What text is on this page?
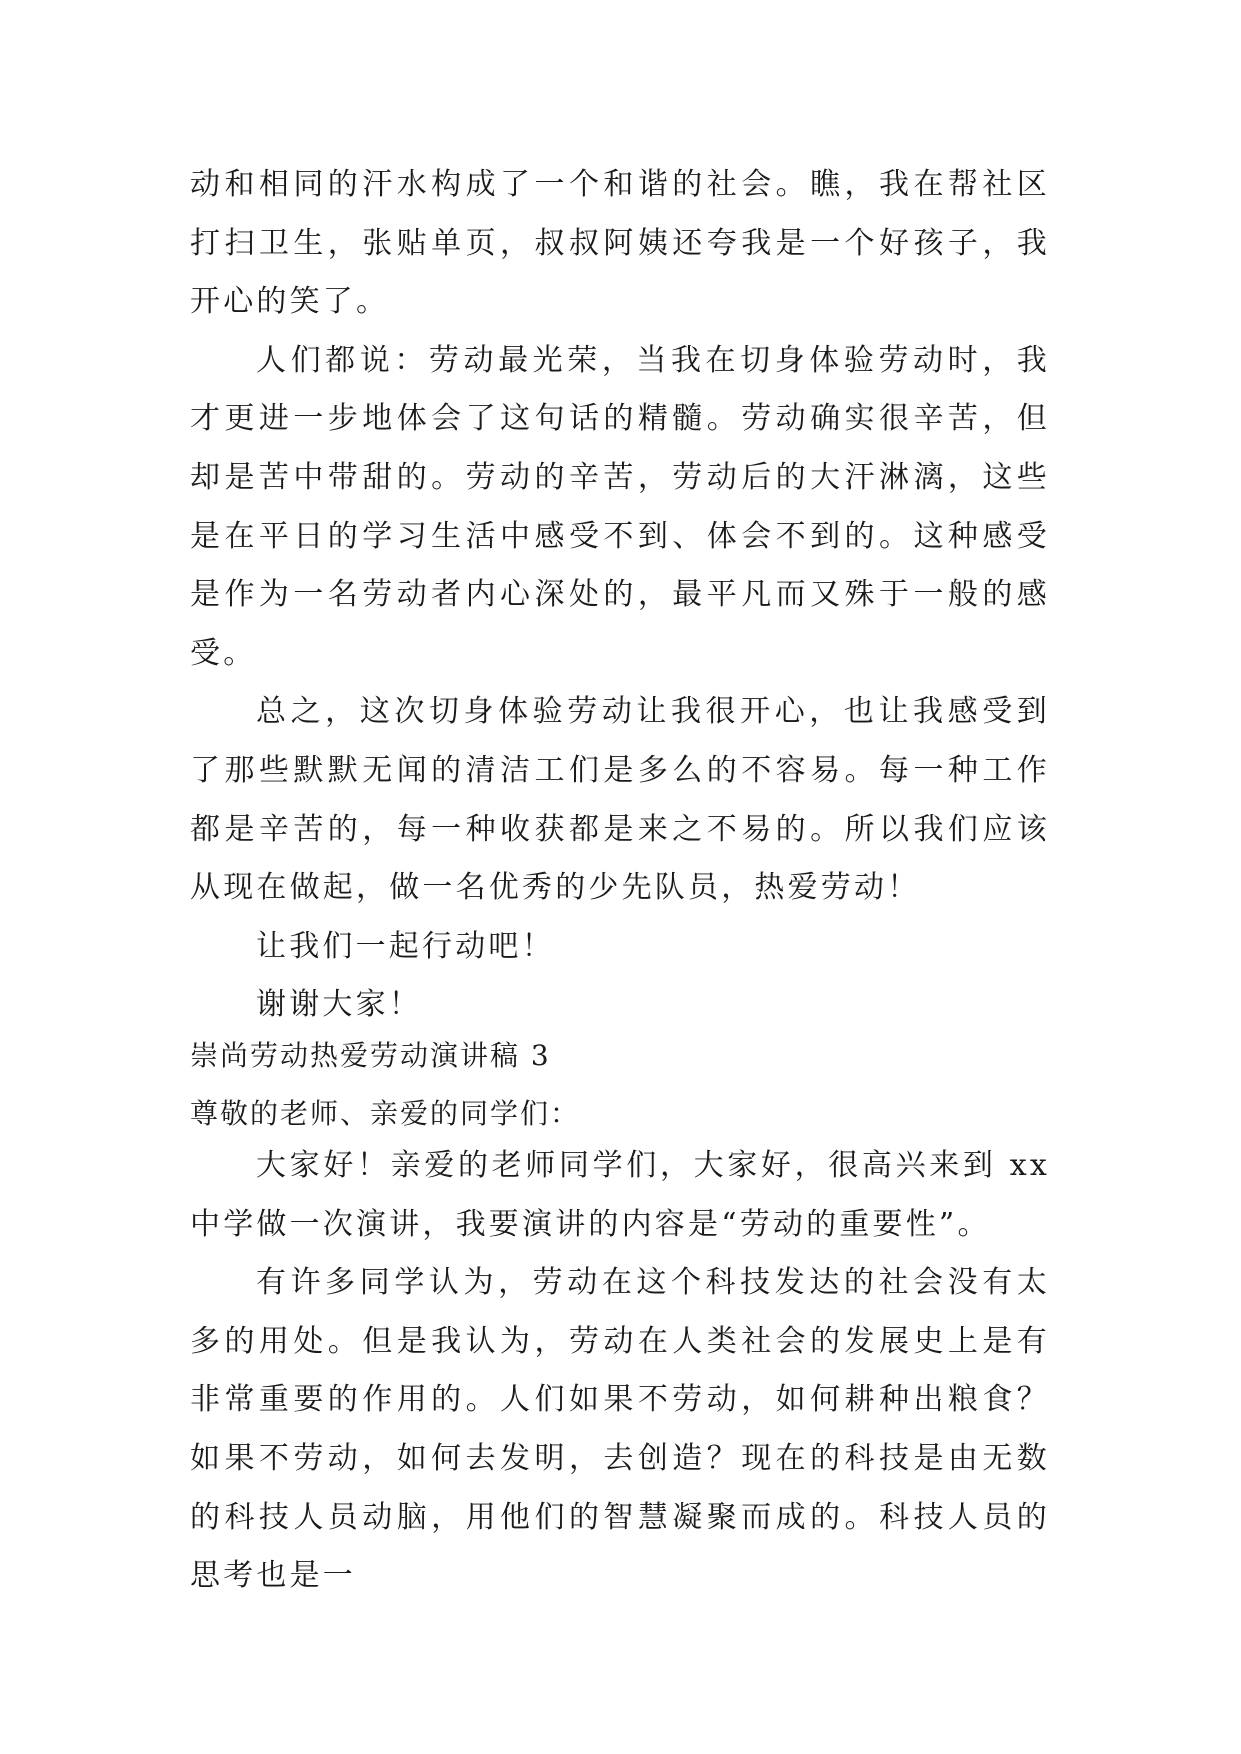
动和相同的汗水构成了一个和谐的社会。瞧，我在帮社区打扫卫生，张贴单页，叔叔阿姨还夸我是一个好孩子，我开心的笑了。

人们都说：劳动最光荣，当我在切身体验劳动时，我才更进一步地体会了这句话的精髓。劳动确实很辛苦，但却是苦中带甜的。劳动的辛苦，劳动后的大汗淋漓，这些是在平日的学习生活中感受不到、体会不到的。这种感受是作为一名劳动者内心深处的，最平凡而又殊于一般的感受。

总之，这次切身体验劳动让我很开心，也让我感受到了那些默默无闻的清洁工们是多么的不容易。每一种工作都是辛苦的，每一种收获都是来之不易的。所以我们应该从现在做起，做一名优秀的少先队员，热爱劳动！

让我们一起行动吧！

谢谢大家！

崇尚劳动热爱劳动演讲稿 3
尊敬的老师、亲爱的同学们：

大家好！亲爱的老师同学们，大家好，很高兴来到 xx 中学做一次演讲，我要演讲的内容是“劳动的重要性”。

有许多同学认为，劳动在这个科技发达的社会没有太多的用处。但是我认为，劳动在人类社会的发展史上是有非常重要的作用的。人们如果不劳动，如何耕种出粮食？如果不劳动，如何去发明，去创造？现在的科技是由无数的科技人员动脑，用他们的智慧凝聚而成的。科技人员的思考也是一
